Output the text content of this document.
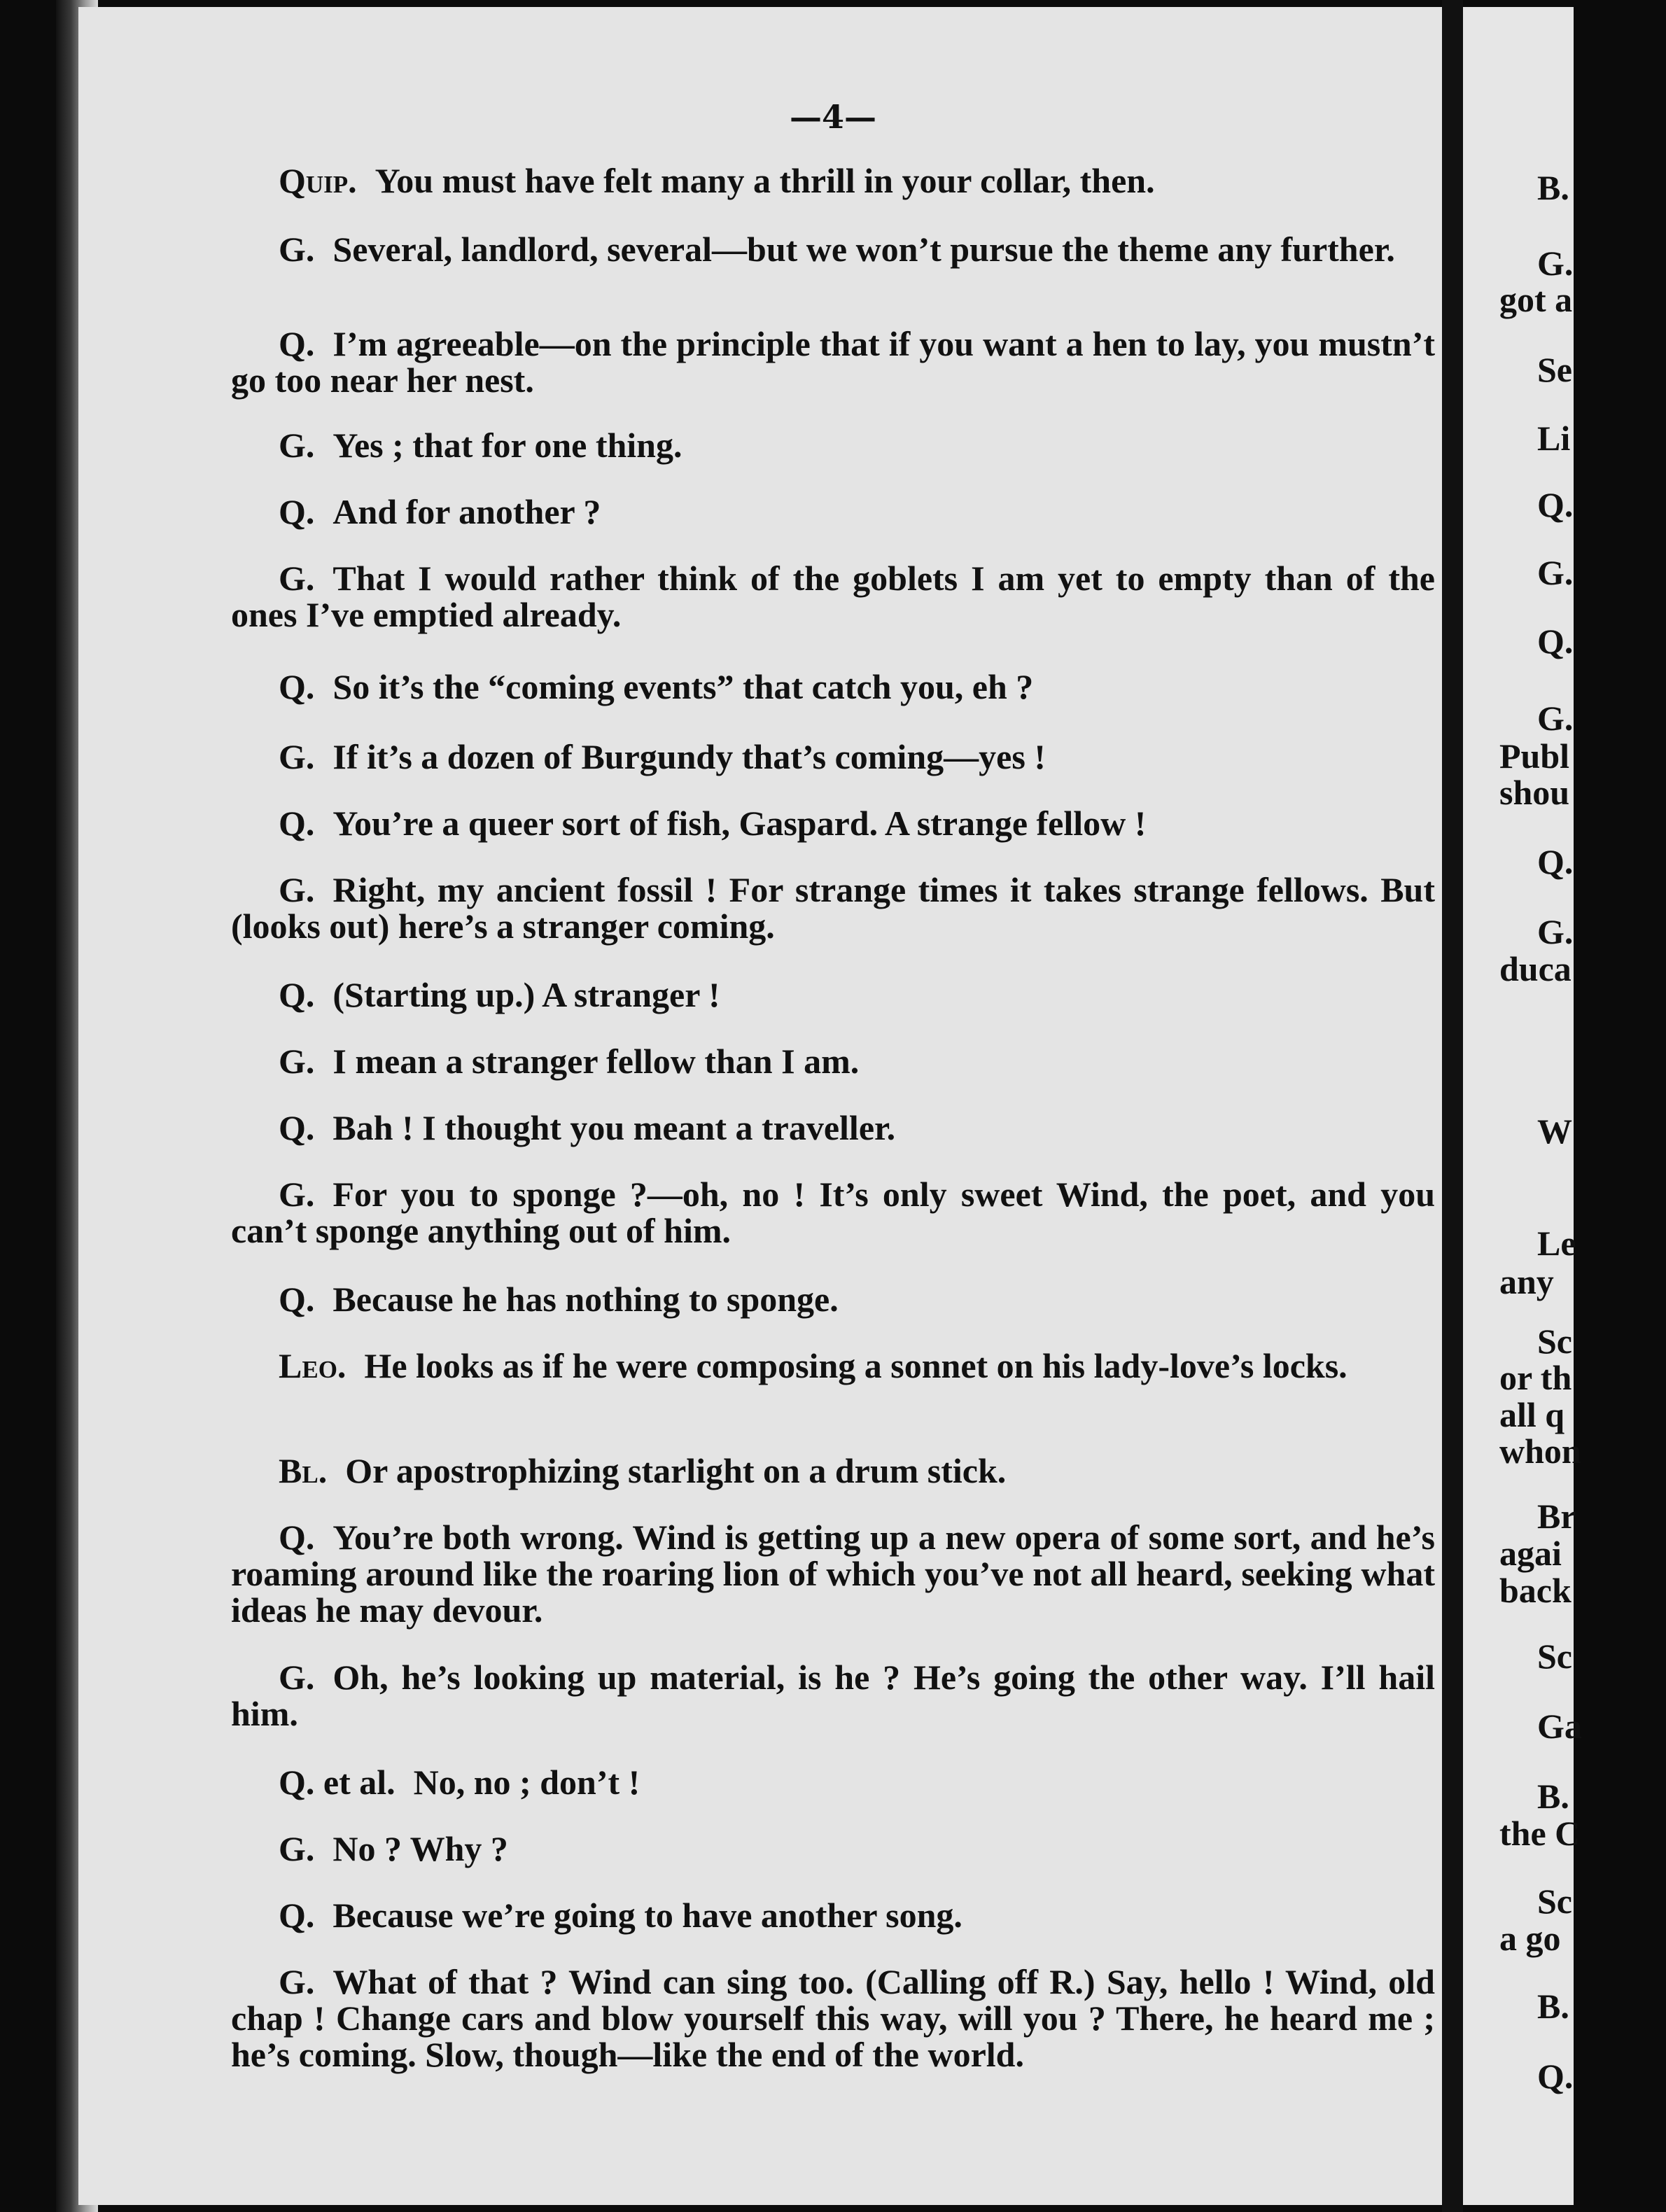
B.
G.
got a
Se
Li
Q.
G.
Q.
G.
Publ
shou
Q.
G.
duca
W
Le
any
Sc
or th
all q
whon
Br
agai
back
Sc
Ga
B.
the C
Sc
a go
B.
Q.
—4—

Quip. You must have felt many a thrill in your collar, then.

G. Several, landlord, several—but we won’t pursue the theme any further.

Q. I’m agreeable—on the principle that if you want a hen to lay, you mustn’t go too near her nest.

G. Yes ; that for one thing.

Q. And for another ?

G. That I would rather think of the goblets I am yet to empty than of the ones I’ve emptied already.

Q. So it’s the “coming events” that catch you, eh ?

G. If it’s a dozen of Burgundy that’s coming—yes !

Q. You’re a queer sort of fish, Gaspard. A strange fellow !

G. Right, my ancient fossil ! For strange times it takes strange fellows. But (looks out) here’s a stranger coming.

Q. (Starting up.) A stranger !

G. I mean a stranger fellow than I am.

Q. Bah ! I thought you meant a traveller.

G. For you to sponge ?—oh, no ! It’s only sweet Wind, the poet, and you can’t sponge anything out of him.

Q. Because he has nothing to sponge.

Leo. He looks as if he were composing a sonnet on his lady-love’s locks.

Bl. Or apostrophizing starlight on a drum stick.

Q. You’re both wrong. Wind is getting up a new opera of some sort, and he’s roaming around like the roaring lion of which you’ve not all heard, seeking what ideas he may devour.

G. Oh, he’s looking up material, is he ? He’s going the other way. I’ll hail him.

Q. et al. No, no ; don’t !

G. No ? Why ?

Q. Because we’re going to have another song.

G. What of that ? Wind can sing too. (Calling off R.) Say, hello ! Wind, old chap ! Change cars and blow yourself this way, will you ? There, he heard me ; he’s coming. Slow, though—like the end of the world.
